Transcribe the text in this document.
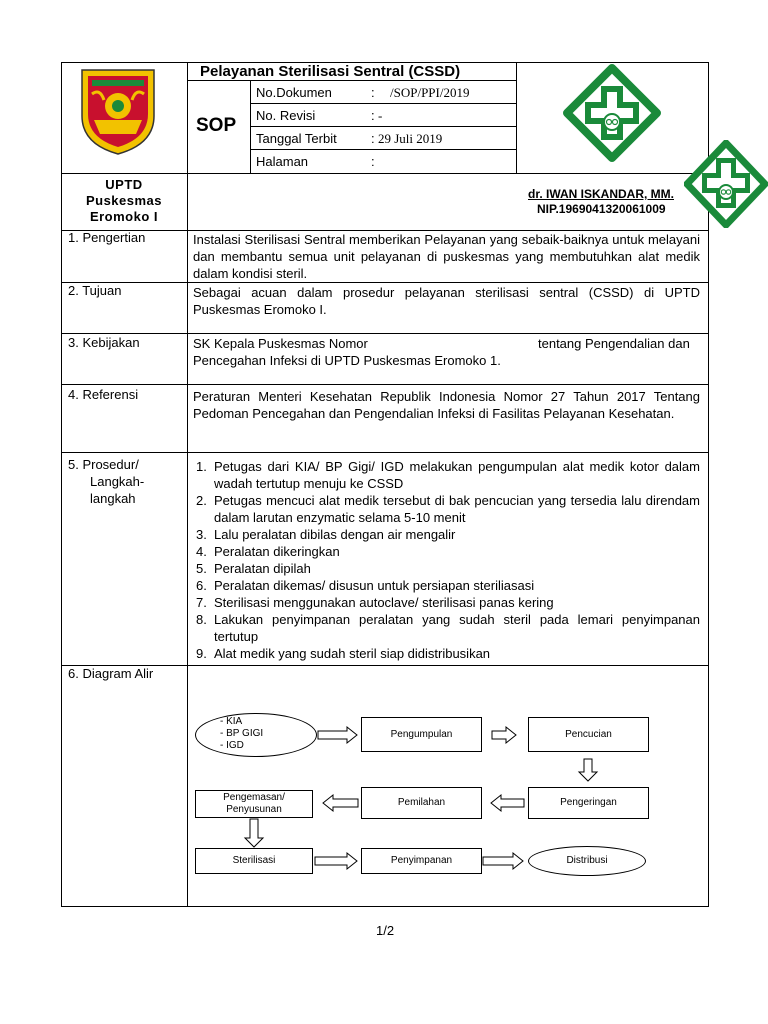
Pelayanan Sterilisasi Sentral (CSSD)
SOP
No.Dokumen	: /SOP/PPI/2019
No. Revisi	: -
Tanggal Terbit	: 29 Juli 2019
Halaman	:
UPTD
Puskesmas
Eromoko I
dr. IWAN ISKANDAR, MM.
NIP.1969041320061009
1. Pengertian	Instalasi Sterilisasi Sentral memberikan Pelayanan yang sebaik-baiknya untuk melayani dan membantu semua unit pelayanan di puskesmas yang membutuhkan alat medik dalam kondisi steril.
2. Tujuan	Sebagai acuan dalam prosedur pelayanan sterilisasi sentral (CSSD) di UPTD Puskesmas Eromoko I.
3. Kebijakan	SK Kepala Puskesmas Nomor	tentang Pengendalian dan
Pencegahan Infeksi di UPTD Puskesmas Eromoko 1.
4. Referensi	Peraturan Menteri Kesehatan Republik Indonesia Nomor 27 Tahun 2017 Tentang Pedoman Pencegahan dan Pengendalian Infeksi di Fasilitas Pelayanan Kesehatan.
5. Prosedur/
Langkah-
langkah
1. Petugas dari KIA/ BP Gigi/ IGD melakukan pengumpulan alat medik kotor dalam wadah tertutup menuju ke CSSD
2. Petugas mencuci alat medik tersebut di bak pencucian yang tersedia lalu direndam dalam larutan enzymatic selama 5-10 menit
3. Lalu peralatan dibilas dengan air mengalir
4. Peralatan dikeringkan
5. Peralatan dipilah
6. Peralatan dikemas/ disusun untuk persiapan steriliasasi
7. Sterilisasi menggunakan autoclave/ sterilisasi panas kering
8. Lakukan penyimpanan peralatan yang sudah steril pada lemari penyimpanan tertutup
9. Alat medik yang sudah steril siap didistribusikan
6. Diagram Alir
- KIA
- BP GIGI
- IGD
Pengumpulan	Pencucian
Pengeringan
Pemilahan
Pengemasan/
Penyusunan
Sterilisasi	Penyimpanan	Distribusi
1/2
